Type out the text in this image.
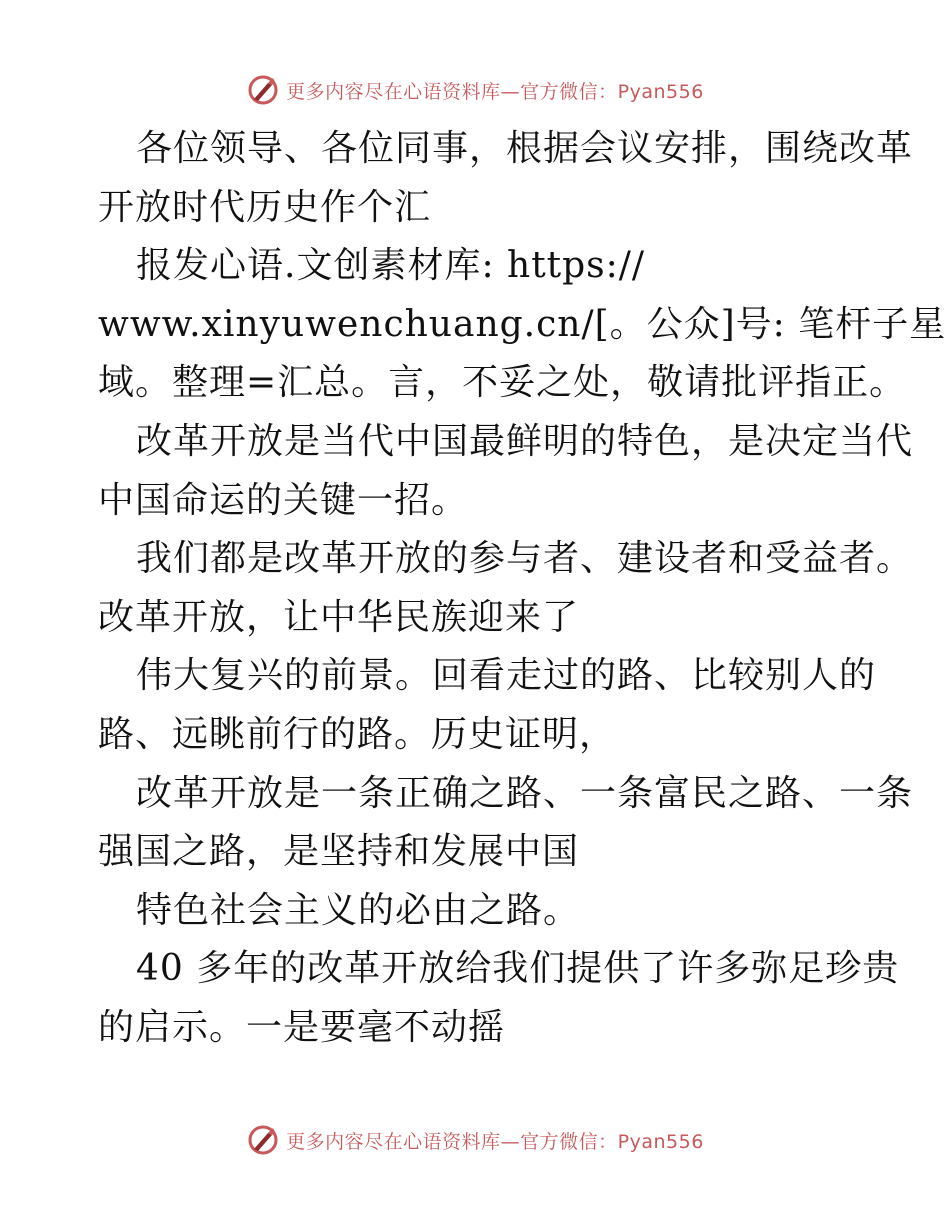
更多内容尽在心语资料库—官方微信：Pyan556
各位领导、各位同事，根据会议安排，围绕改革
开放时代历史作个汇
报发心语.文创素材库: https://
www.xinyuwenchuang.cn/[。公众]号: 笔杆子星
域。整理=汇总。言，不妥之处，敬请批评指正。
改革开放是当代中国最鲜明的特色，是决定当代
中国命运的关键一招。
我们都是改革开放的参与者、建设者和受益者。
改革开放，让中华民族迎来了
伟大复兴的前景。回看走过的路、比较别人的
路、远眺前行的路。历史证明，
改革开放是一条正确之路、一条富民之路、一条
强国之路，是坚持和发展中国
特色社会主义的必由之路。
40 多年的改革开放给我们提供了许多弥足珍贵
的启示。一是要毫不动摇
更多内容尽在心语资料库—官方微信：Pyan556
